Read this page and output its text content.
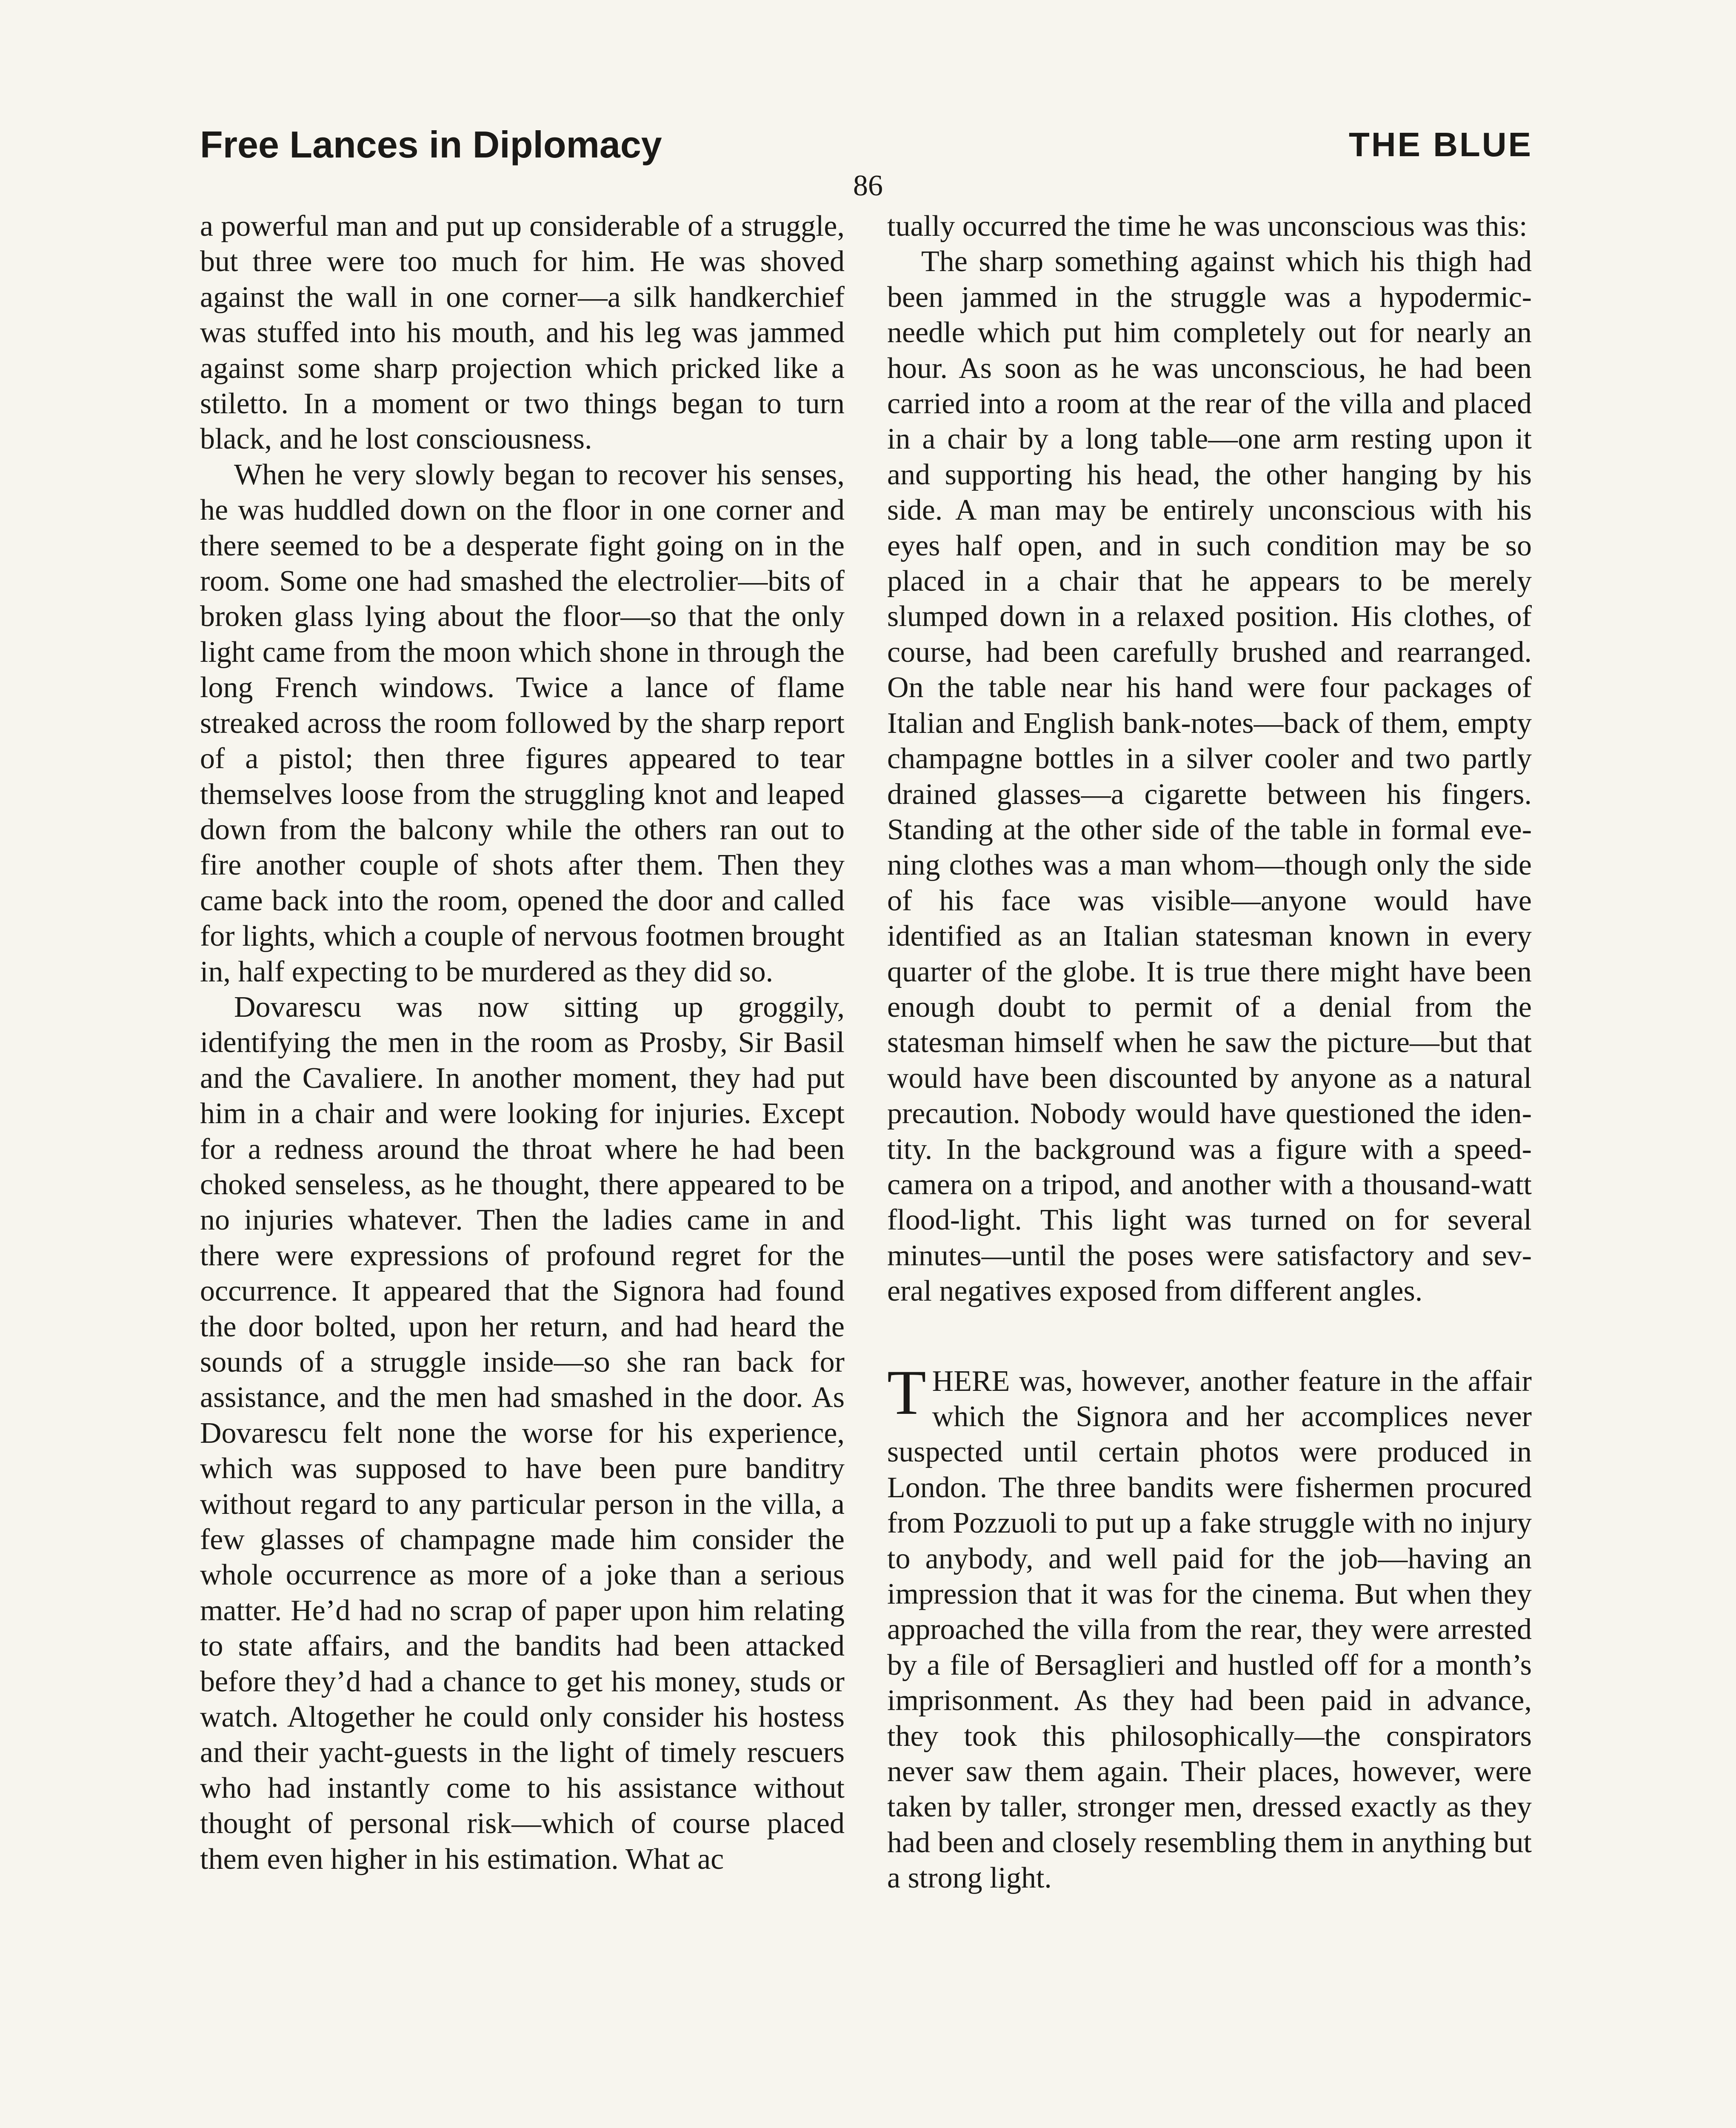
Free Lances in Diplomacy	THE BLUE
86

a powerful man and put up considerable of a struggle, but three were too much for him. He was shoved against the wall in one corner—a silk handkerchief was stuffed into his mouth, and his leg was jammed against some sharp projection which pricked like a stiletto. In a moment or two things began to turn black, and he lost consciousness.

When he very slowly began to recover his senses, he was huddled down on the floor in one corner and there seemed to be a desperate fight going on in the room. Some one had smashed the electrolier—bits of broken glass lying about the floor—so that the only light came from the moon which shone in through the long French windows. Twice a lance of flame streaked across the room followed by the sharp report of a pistol; then three figures appeared to tear themselves loose from the struggling knot and leaped down from the balcony while the others ran out to fire another couple of shots after them. Then they came back into the room, opened the door and called for lights, which a couple of nervous footmen brought in, half expecting to be murdered as they did so.

Dovarescu was now sitting up groggily, identifying the men in the room as Prosby, Sir Basil and the Cavaliere. In another moment, they had put him in a chair and were looking for injuries. Except for a redness around the throat where he had been choked senseless, as he thought, there appeared to be no injuries whatever. Then the ladies came in and there were expressions of profound regret for the occurrence. It appeared that the Signora had found the door bolted, upon her return, and had heard the sounds of a struggle inside—so she ran back for assistance, and the men had smashed in the door. As Dovarescu felt none the worse for his experience, which was supposed to have been pure banditry without regard to any particular person in the villa, a few glasses of champagne made him consider the whole occurrence as more of a joke than a serious matter. He’d had no scrap of paper upon him relating to state affairs, and the bandits had been attacked before they’d had a chance to get his money, studs or watch. Altogether he could only consider his hostess and their yacht-guests in the light of timely rescuers who had instantly come to his assistance without thought of personal risk—which of course placed them even higher in his estimation. What ac

tually occurred the time he was unconscious was this:

The sharp something against which his thigh had been jammed in the struggle was a hypodermic-needle which put him completely out for nearly an hour. As soon as he was unconscious, he had been carried into a room at the rear of the villa and placed in a chair by a long table—one arm resting upon it and supporting his head, the other hanging by his side. A man may be entirely unconscious with his eyes half open, and in such condition may be so placed in a chair that he appears to be merely slumped down in a relaxed position. His clothes, of course, had been carefully brushed and rearranged. On the table near his hand were four packages of Italian and English bank-notes—back of them, empty champagne bottles in a silver cooler and two partly drained glasses—a cigarette between his fingers. Standing at the other side of the table in formal evening clothes was a man whom—though only the side of his face was visible—anyone would have identified as an Italian statesman known in every quarter of the globe. It is true there might have been enough doubt to permit of a denial from the statesman himself when he saw the picture—but that would have been discounted by anyone as a natural precaution. Nobody would have questioned the identity. In the background was a figure with a speed-camera on a tripod, and another with a thousand-watt flood-light. This light was turned on for several minutes—until the poses were satisfactory and several negatives exposed from different angles.

THERE was, however, another feature in the affair which the Signora and her accomplices never suspected until certain photos were produced in London. The three bandits were fishermen procured from Pozzuoli to put up a fake struggle with no injury to anybody, and well paid for the job—having an impression that it was for the cinema. But when they approached the villa from the rear, they were arrested by a file of Bersaglieri and hustled off for a month’s imprisonment. As they had been paid in advance, they took this philosophically—the conspirators never saw them again. Their places, however, were taken by taller, stronger men, dressed exactly as they had been and closely resembling them in anything but a strong light.
